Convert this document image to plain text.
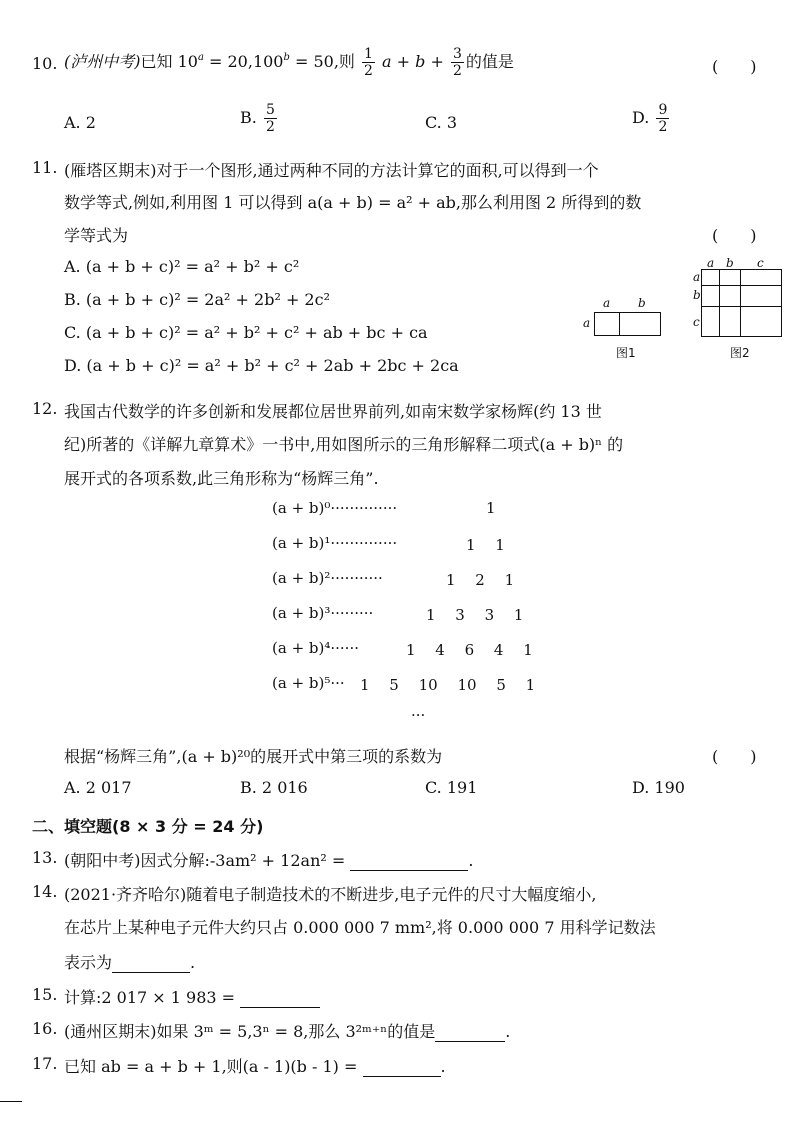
10. (泸州中考)已知 $10^a = 20,100^b = 50$,则 $\frac{1}{2}$ $a + b + \frac{3}{2}$ 的值是	(　　)
A. 2	B. $\frac{5}{2}$	C. 3	D. $\frac{9}{2}$
11. (雁塔区期末)对于一个图形,通过两种不同的方法计算它的面积,可以得到一个
数学等式,例如,利用图 1 可以得到 a(a + b) = a² + ab,那么利用图 2 所得到的数
学等式为	(　　)
A. (a + b + c)² = a² + b² + c²
B. (a + b + c)² = 2a² + 2b² + 2c²
C. (a + b + c)² = a² + b² + c² + ab + bc + ca
D. (a + b + c)² = a² + b² + c² + 2ab + 2bc + 2ca
a b
a
图1
a b c
a
b
c
图2
12. 我国古代数学的许多创新和发展都位居世界前列,如南宋数学家杨辉(约 13 世
纪)所著的《详解九章算术》一书中,用如图所示的三角形解释二项式(a + b)ⁿ 的
展开式的各项系数,此三角形称为“杨辉三角”.
(a + b)⁰··············	1
(a + b)¹··············	1　 1
(a + b)²···········	1　 2　 1
(a + b)³·········	1　 3　 3　 1
(a + b)⁴······	1　 4　 6　 4　 1
(a + b)⁵··· 1　 5　 10　 10　 5　 1
···
根据“杨辉三角”,(a + b)²⁰的展开式中第三项的系数为	(　　)
A. 2 017	B. 2 016	C. 191	D. 190
二、填空题(8 × 3 分 = 24 分)
13. (朝阳中考)因式分解:-3am² + 12an² =	.
14. (2021·齐齐哈尔)随着电子制造技术的不断进步,电子元件的尺寸大幅度缩小,
在芯片上某种电子元件大约只占 0.000 000 7 mm²,将 0.000 000 7 用科学记数法
表示为	.
15. 计算:2 017 × 1 983 =
16. (通州区期末)如果 3ᵐ = 5,3ⁿ = 8,那么 3²ᵐ⁺ⁿ的值是	.
17. 已知 ab = a + b + 1,则(a - 1)(b - 1) =	.
